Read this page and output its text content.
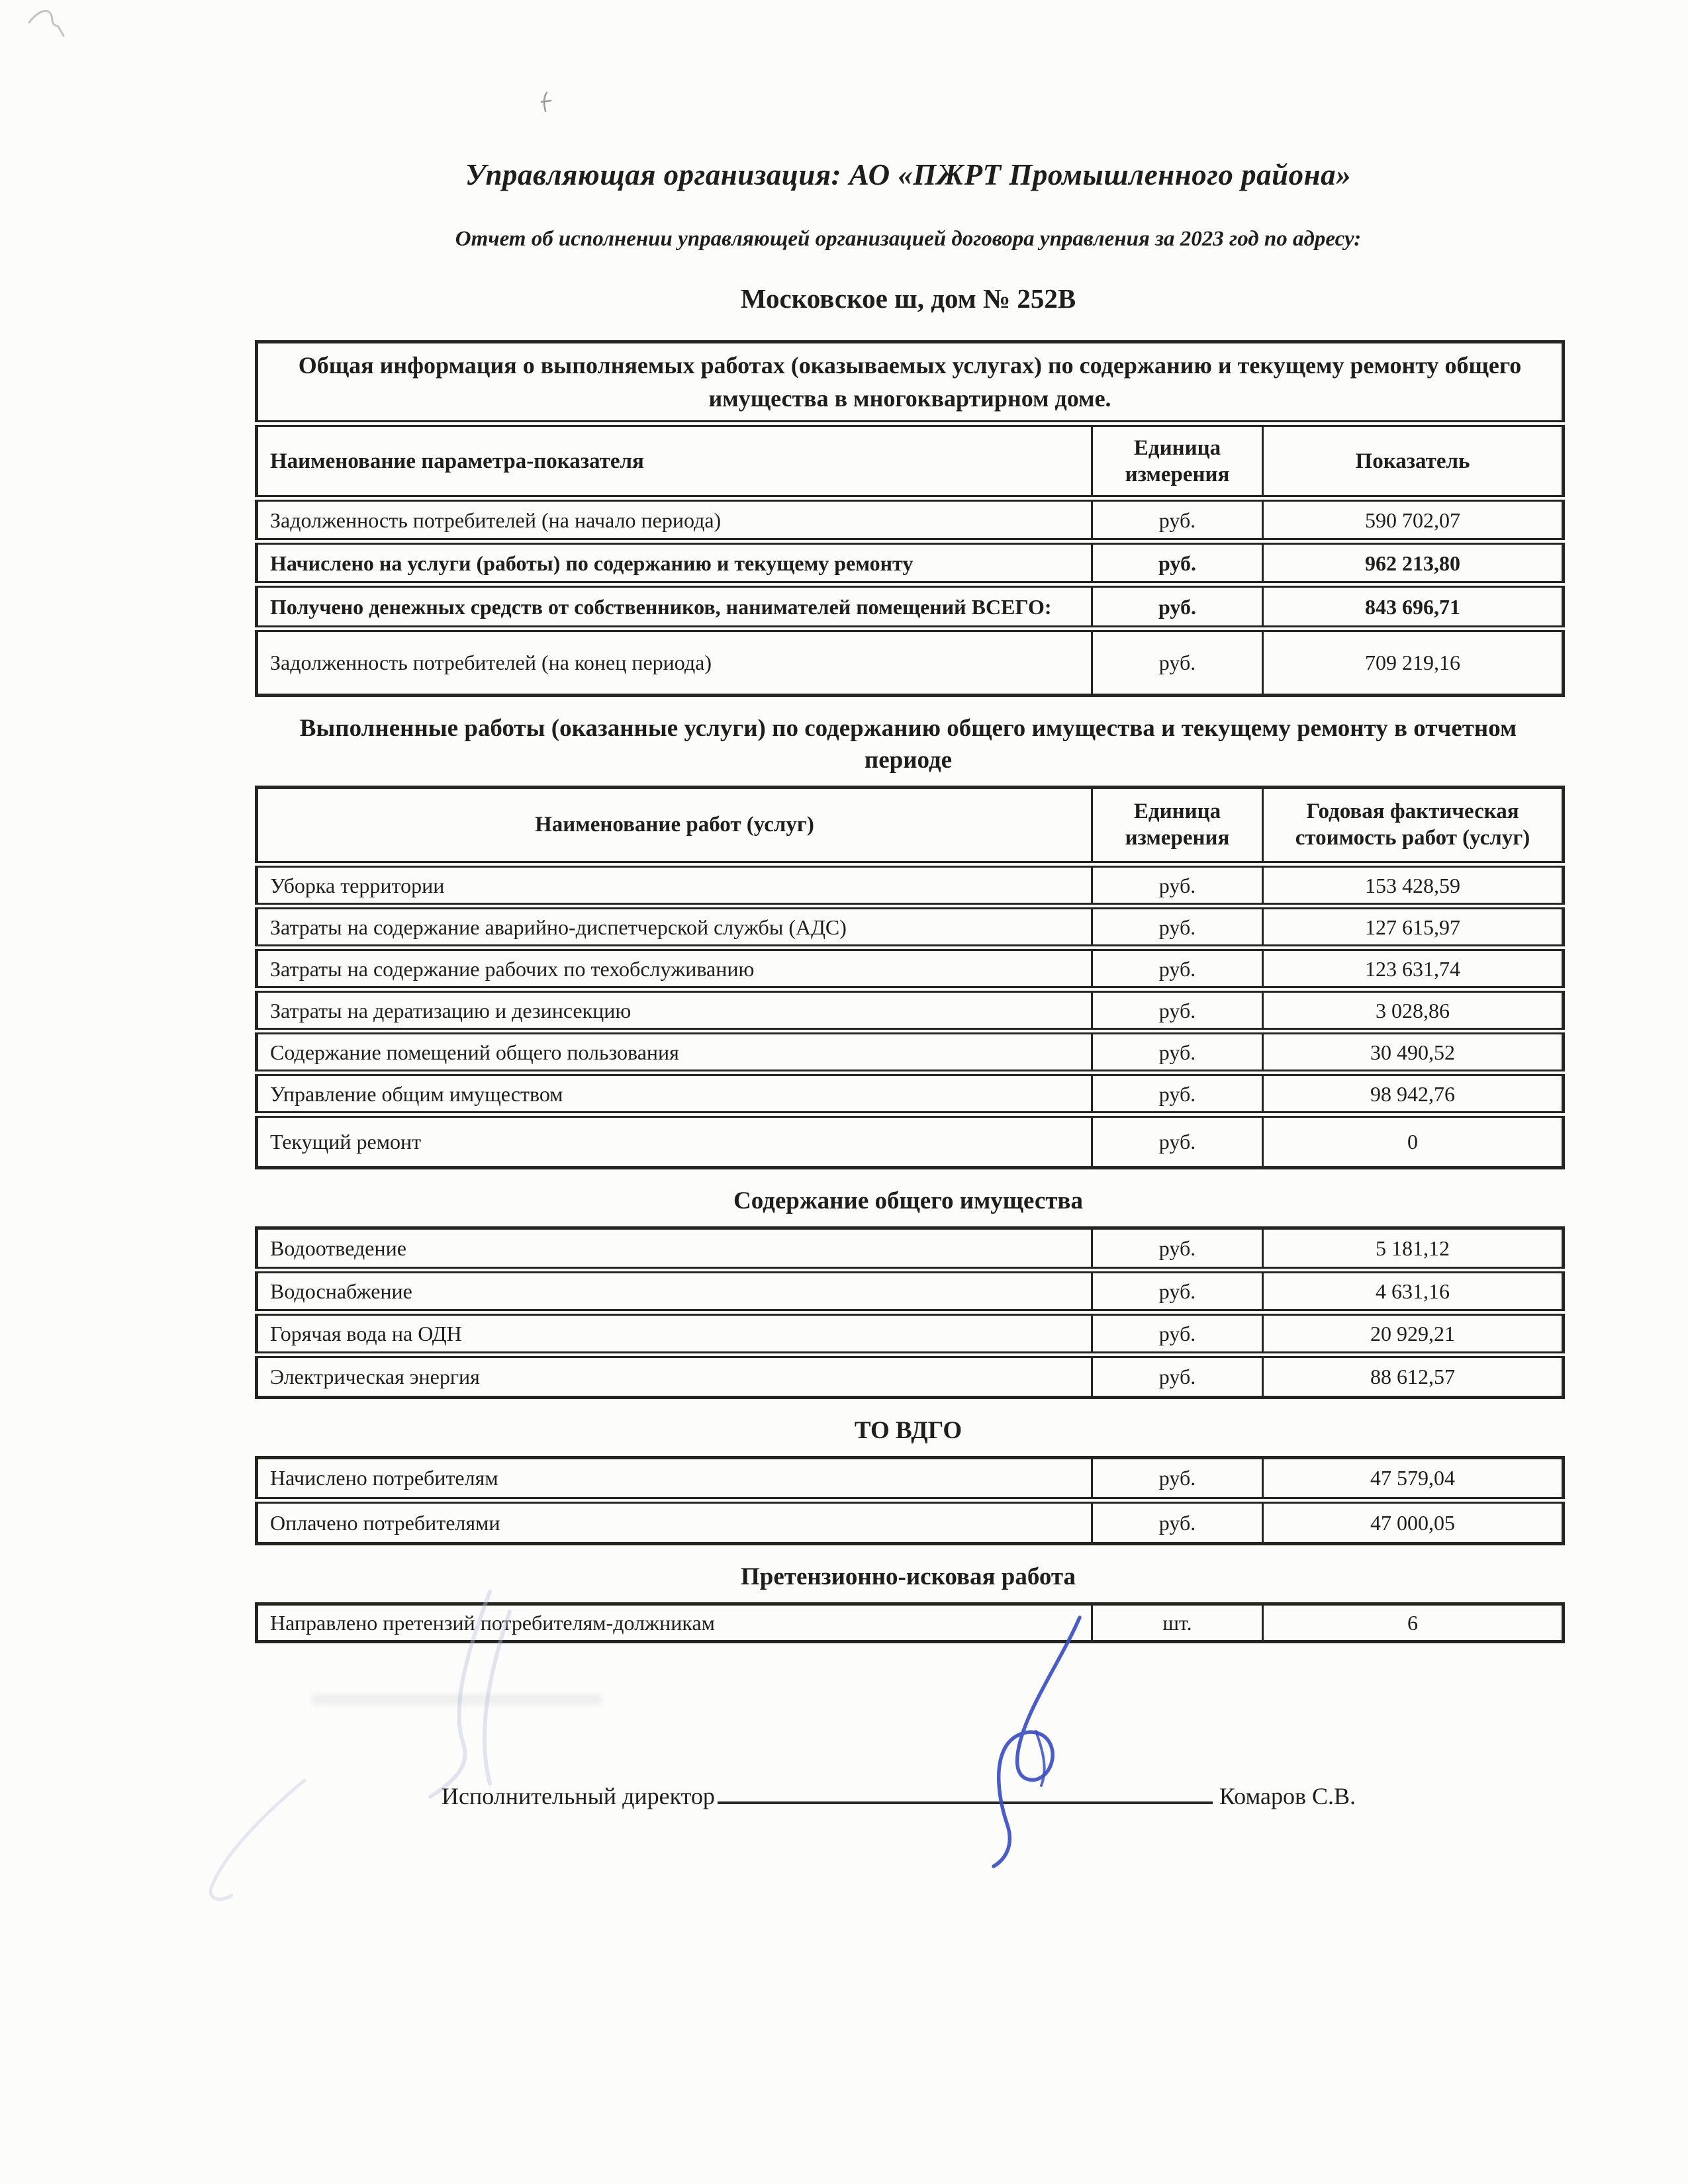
Управляющая организация: АО «ПЖРТ Промышленного района»

Отчет об исполнении управляющей организацией договора управления за 2023 год по адресу:

Московское ш, дом № 252В

Общая информация о выполняемых работах (оказываемых услугах) по содержанию и текущему ремонту общего имущества в многоквартирном доме.		
Наименование параметра-показателя	Единица измерения	Показатель
Задолженность потребителей (на начало периода)	руб.	590 702,07
Начислено на услуги (работы) по содержанию и текущему ремонту	руб.	962 213,80
Получено денежных средств от собственников, нанимателей помещений ВСЕГО:	руб.	843 696,71
Задолженность потребителей (на конец периода)	руб.	709 219,16

Выполненные работы (оказанные услуги) по содержанию общего имущества и текущему ремонту в отчетном периоде

Наименование работ (услуг)	Единица измерения	Годовая фактическая стоимость работ (услуг)
Уборка территории	руб.	153 428,59
Затраты на содержание аварийно-диспетчерской службы (АДС)	руб.	127 615,97
Затраты на содержание рабочих по техобслуживанию	руб.	123 631,74
Затраты на дератизацию и дезинсекцию	руб.	3 028,86
Содержание помещений общего пользования	руб.	30 490,52
Управление общим имуществом	руб.	98 942,76
Текущий ремонт	руб.	0

Содержание общего имущества

Водоотведение	руб.	5 181,12
Водоснабжение	руб.	4 631,16
Горячая вода на ОДН	руб.	20 929,21
Электрическая энергия	руб.	88 612,57

ТО ВДГО

Начислено потребителям	руб.	47 579,04
Оплачено потребителями	руб.	47 000,05

Претензионно-исковая работа

Направлено претензий потребителям-должникам	шт.	6
Исполнительный директор	Комаров С.В.
